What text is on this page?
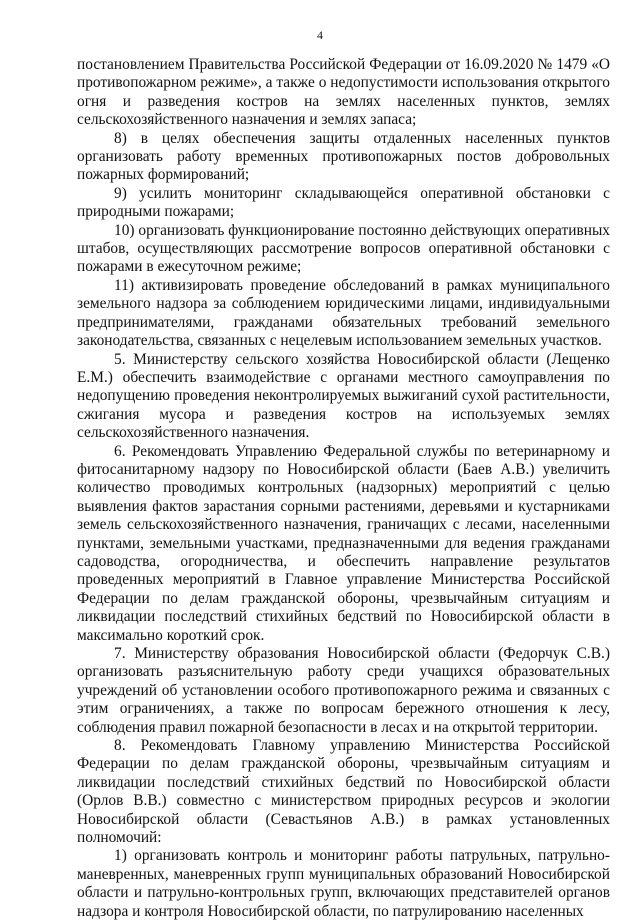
4

постановлением Правительства Российской Федерации от 16.09.2020 № 1479 «О противопожарном режиме», а также о недопустимости использования открытого огня и разведения костров на землях населенных пунктов, землях сельскохозяйственного назначения и землях запаса;

8) в целях обеспечения защиты отдаленных населенных пунктов организовать работу временных противопожарных постов добровольных пожарных формирований;

9) усилить мониторинг складывающейся оперативной обстановки с природными пожарами;

10) организовать функционирование постоянно действующих оперативных штабов, осуществляющих рассмотрение вопросов оперативной обстановки с пожарами в ежесуточном режиме;

11) активизировать проведение обследований в рамках муниципального земельного надзора за соблюдением юридическими лицами, индивидуальными предпринимателями, гражданами обязательных требований земельного законодательства, связанных с нецелевым использованием земельных участков.

5. Министерству сельского хозяйства Новосибирской области (Лещенко Е.М.) обеспечить взаимодействие с органами местного самоуправления по недопущению проведения неконтролируемых выжиганий сухой растительности, сжигания мусора и разведения костров на используемых землях сельскохозяйственного назначения.

6. Рекомендовать Управлению Федеральной службы по ветеринарному и фитосанитарному надзору по Новосибирской области (Баев А.В.) увеличить количество проводимых контрольных (надзорных) мероприятий с целью выявления фактов зарастания сорными растениями, деревьями и кустарниками земель сельскохозяйственного назначения, граничащих с лесами, населенными пунктами, земельными участками, предназначенными для ведения гражданами садоводства, огородничества, и обеспечить направление результатов проведенных мероприятий в Главное управление Министерства Российской Федерации по делам гражданской обороны, чрезвычайным ситуациям и ликвидации последствий стихийных бедствий по Новосибирской области в максимально короткий срок.

7. Министерству образования Новосибирской области (Федорчук С.В.) организовать разъяснительную работу среди учащихся образовательных учреждений об установлении особого противопожарного режима и связанных с этим ограничениях, а также по вопросам бережного отношения к лесу, соблюдения правил пожарной безопасности в лесах и на открытой территории.

8. Рекомендовать Главному управлению Министерства Российской Федерации по делам гражданской обороны, чрезвычайным ситуациям и ликвидации последствий стихийных бедствий по Новосибирской области (Орлов В.В.) совместно с министерством природных ресурсов и экологии Новосибирской области (Севастьянов А.В.) в рамках установленных полномочий:

1) организовать контроль и мониторинг работы патрульных, патрульно-маневренных, маневренных групп муниципальных образований Новосибирской области и патрульно-контрольных групп, включающих представителей органов надзора и контроля Новосибирской области, по патрулированию населенных
